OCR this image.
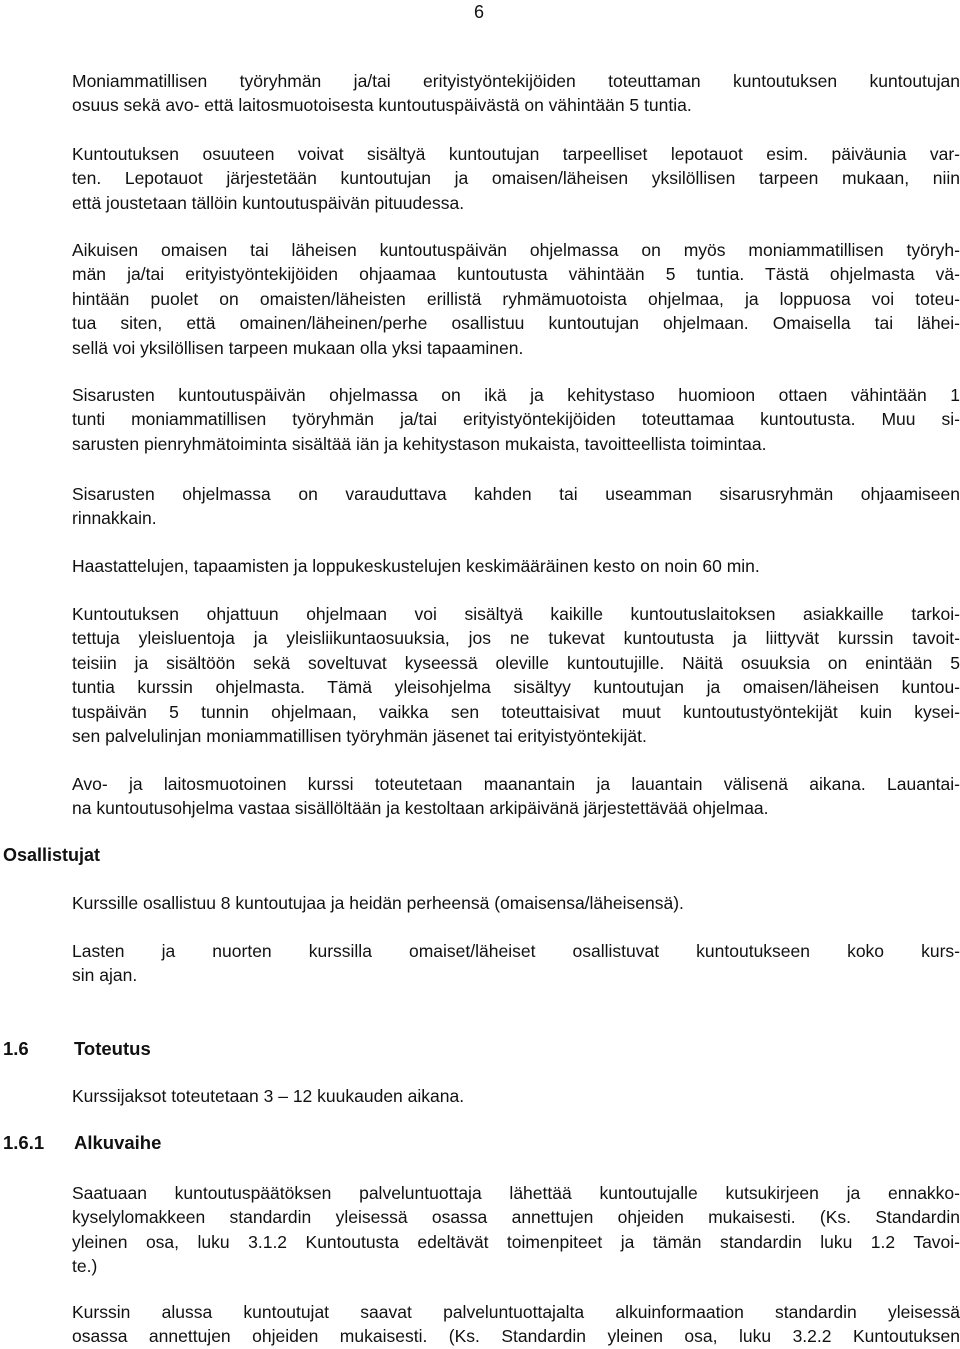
6
Moniammatillisen työryhmän ja/tai erityistyöntekijöiden toteuttaman kuntoutuksen kuntoutujan
osuus sekä avo- että laitosmuotoisesta kuntoutuspäivästä on vähintään 5 tuntia.
Kuntoutuksen osuuteen voivat sisältyä kuntoutujan tarpeelliset lepotauot esim. päiväunia var-
ten. Lepotauot järjestetään kuntoutujan ja omaisen/läheisen yksilöllisen tarpeen mukaan, niin
että joustetaan tällöin kuntoutuspäivän pituudessa.
Aikuisen omaisen tai läheisen kuntoutuspäivän ohjelmassa on myös moniammatillisen työryh-
män ja/tai erityistyöntekijöiden ohjaamaa kuntoutusta vähintään 5 tuntia. Tästä ohjelmasta vä-
hintään puolet on omaisten/läheisten erillistä ryhmämuotoista ohjelmaa, ja loppuosa voi toteu-
tua siten, että omainen/läheinen/perhe osallistuu kuntoutujan ohjelmaan. Omaisella tai lähei-
sellä voi yksilöllisen tarpeen mukaan olla yksi tapaaminen.
Sisarusten kuntoutuspäivän ohjelmassa on ikä ja kehitystaso huomioon ottaen vähintään 1
tunti moniammatillisen työryhmän ja/tai erityistyöntekijöiden toteuttamaa kuntoutusta. Muu si-
sarusten pienryhmätoiminta sisältää iän ja kehitystason mukaista, tavoitteellista toimintaa.
Sisarusten ohjelmassa on varauduttava kahden tai useamman sisarusryhmän ohjaamiseen
rinnakkain.
Haastattelujen, tapaamisten ja loppukeskustelujen keskimääräinen kesto on noin 60 min.
Kuntoutuksen ohjattuun ohjelmaan voi sisältyä kaikille kuntoutuslaitoksen asiakkaille tarkoi-
tettuja yleisluentoja ja yleisliikuntaosuuksia, jos ne tukevat kuntoutusta ja liittyvät kurssin tavoit-
teisiin ja sisältöön sekä soveltuvat kyseessä oleville kuntoutujille. Näitä osuuksia on enintään 5
tuntia kurssin ohjelmasta. Tämä yleisohjelma sisältyy kuntoutujan ja omaisen/läheisen kuntou-
tuspäivän 5 tunnin ohjelmaan, vaikka sen toteuttaisivat muut kuntoutustyöntekijät kuin kysei-
sen palvelulinjan moniammatillisen työryhmän jäsenet tai erityistyöntekijät.
Avo- ja laitosmuotoinen kurssi toteutetaan maanantain ja lauantain välisenä aikana. Lauantai-
na kuntoutusohjelma vastaa sisällöltään ja kestoltaan arkipäivänä järjestettävää ohjelmaa.
Osallistujat
Kurssille osallistuu 8 kuntoutujaa ja heidän perheensä (omaisensa/läheisensä).
Lasten ja nuorten kurssilla omaiset/läheiset osallistuvat kuntoutukseen koko kurs-
sin ajan.
1.6 Toteutus
Kurssijaksot toteutetaan 3 – 12 kuukauden aikana.
1.6.1 Alkuvaihe
Saatuaan kuntoutuspäätöksen palveluntuottaja lähettää kuntoutujalle kutsukirjeen ja ennakko-
kyselylomakkeen standardin yleisessä osassa annettujen ohjeiden mukaisesti. (Ks. Standardin
yleinen osa, luku 3.1.2 Kuntoutusta edeltävät toimenpiteet ja tämän standardin luku 1.2 Tavoi-
te.)
Kurssin alussa kuntoutujat saavat palveluntuottajalta alkuinformaation standardin yleisessä
osassa annettujen ohjeiden mukaisesti. (Ks. Standardin yleinen osa, luku 3.2.2 Kuntoutuksen
